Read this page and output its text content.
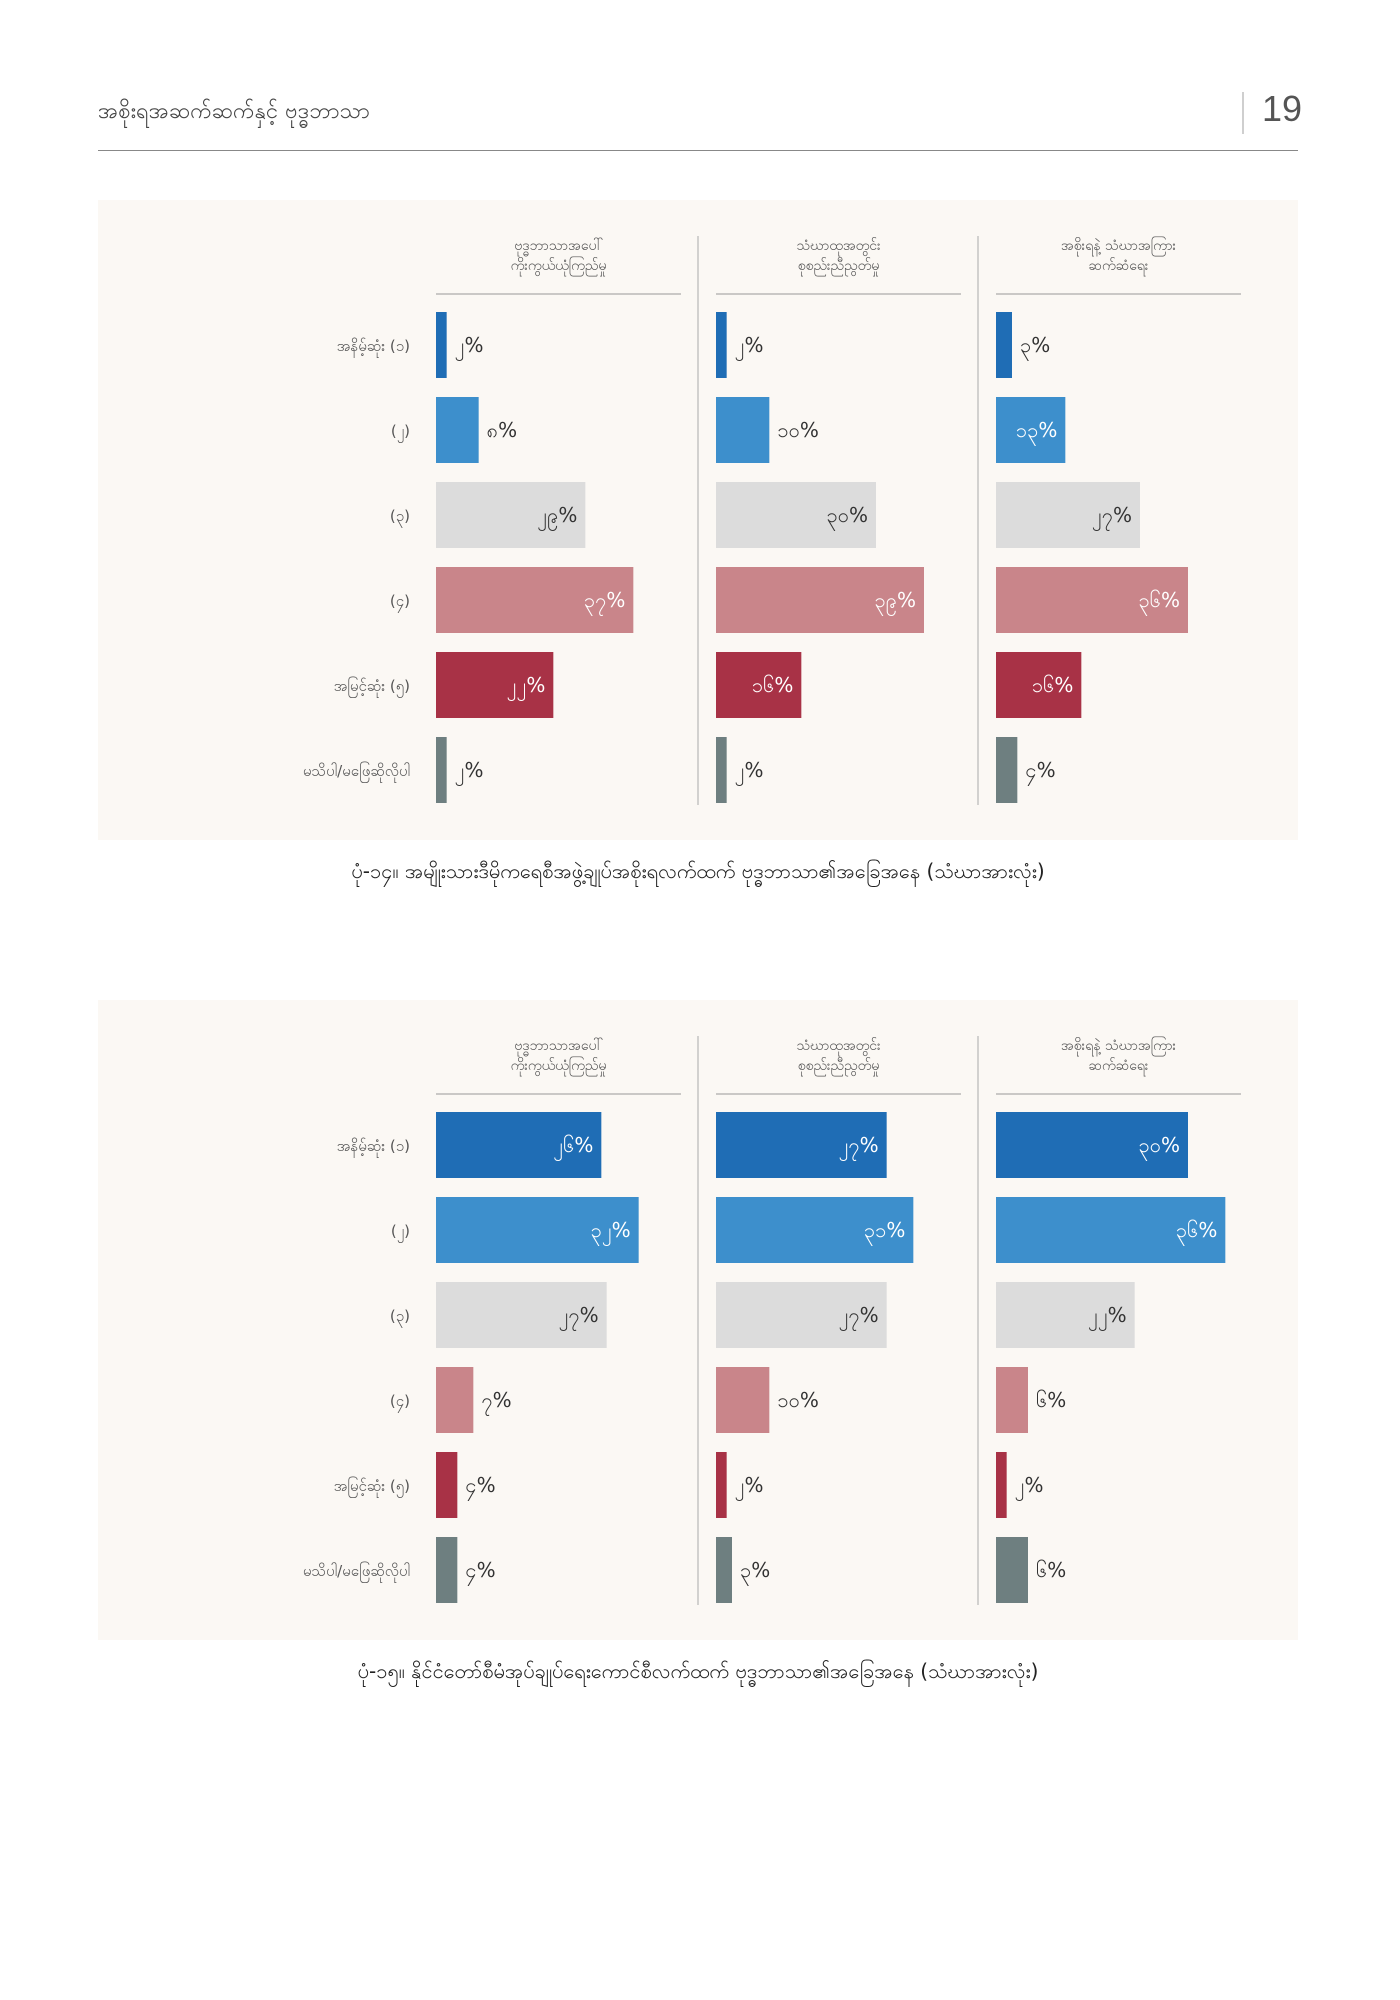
အစိုးရအဆက်ဆက်နှင့် ဗုဒ္ဓဘာသာ	19
အနိမ့်ဆုံး (၁)
(၂)
(၃)
(၄)
အမြင့်ဆုံး (၅)
မသိပါ/မဖြေဆိုလိုပါ
ဗုဒ္ဓဘာသာအပေါ်
ကိုးကွယ်ယုံကြည်မှု
၂%
၈%
၂၉%
၃၇%
၂၂%
၂%
သံဃာထုအတွင်း
စုစည်းညီညွတ်မှု
၂%
၁၀%
၃၀%
၃၉%
၁၆%
၂%
အစိုးရနဲ့ သံဃာအကြား
ဆက်ဆံရေး
၃%
၁၃%
၂၇%
၃၆%
၁၆%
၄%
ပုံ-၁၄။ အမျိုးသားဒီမိုကရေစီအဖွဲ့ချုပ်အစိုးရလက်ထက် ဗုဒ္ဓဘာသာ၏အခြေအနေ (သံဃာအားလုံး)
အနိမ့်ဆုံး (၁)
(၂)
(၃)
(၄)
အမြင့်ဆုံး (၅)
မသိပါ/မဖြေဆိုလိုပါ
ဗုဒ္ဓဘာသာအပေါ်
ကိုးကွယ်ယုံကြည်မှု
၂၆%
၃၂%
၂၇%
၇%
၄%
၄%
သံဃာထုအတွင်း
စုစည်းညီညွတ်မှု
၂၇%
၃၁%
၂၇%
၁၀%
၂%
၃%
အစိုးရနဲ့ သံဃာအကြား
ဆက်ဆံရေး
၃၀%
၃၆%
၂၂%
၆%
၂%
၆%
ပုံ-၁၅။ နိုင်ငံတော်စီမံအုပ်ချုပ်ရေးကောင်စီလက်ထက် ဗုဒ္ဓဘာသာ၏အခြေအနေ (သံဃာအားလုံး)
